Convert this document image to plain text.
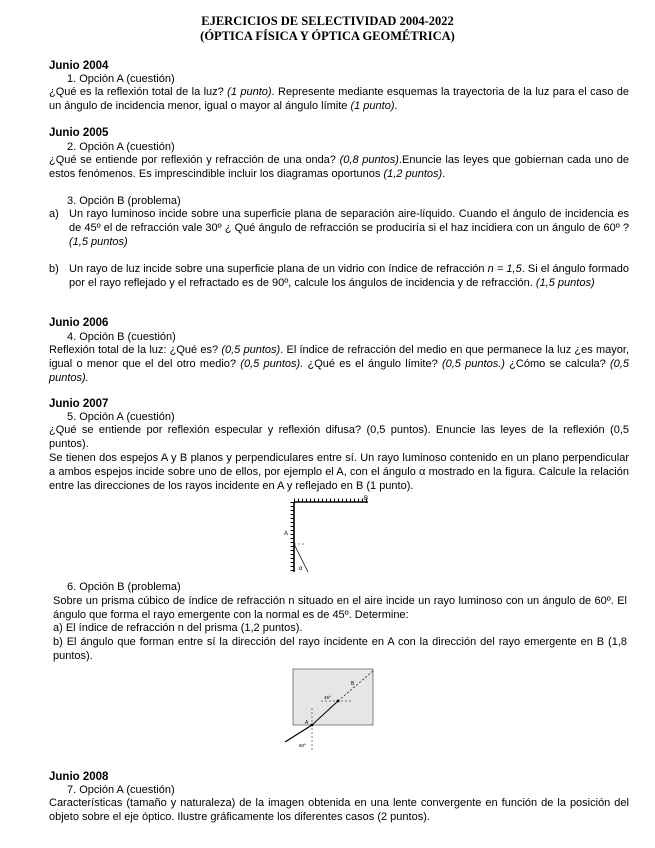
EJERCICIOS DE SELECTIVIDAD 2004-2022
(ÓPTICA FÍSICA Y ÓPTICA GEOMÉTRICA)
Junio 2004
1. Opción A (cuestión)
¿Qué es la reflexión total de la luz? (1 punto). Represente mediante esquemas la trayectoria de la luz para el caso de un ángulo de incidencia menor, igual o mayor al ángulo límite (1 punto).
Junio 2005
2. Opción A (cuestión)
¿Qué se entiende por reflexión y refracción de una onda? (0,8 puntos).Enuncie las leyes que gobiernan cada uno de estos fenómenos. Es imprescindible incluir los diagramas oportunos (1,2 puntos).
3. Opción B (problema)
a) Un rayo luminoso incide sobre una superficie plana de separación aire-líquido. Cuando el ángulo de incidencia es de 45º el de refracción vale 30º ¿ Qué ángulo de refracción se produciría si el haz incidiera con un ángulo de 60º ? (1,5 puntos)
b) Un rayo de luz incide sobre una superficie plana de un vidrio con índice de refracción n = 1,5. Si el ángulo formado por el rayo reflejado y el refractado es de 90º, calcule los ángulos de incidencia y de refracción. (1,5 puntos)
Junio 2006
4. Opción B (cuestión)
Reflexión total de la luz: ¿Qué es? (0,5 puntos). El índice de refracción del medio en que permanece la luz ¿es mayor, igual o menor que el del otro medio? (0,5 puntos). ¿Qué es el ángulo límite? (0,5 puntos.) ¿Cómo se calcula? (0,5 puntos).
Junio 2007
5. Opción A (cuestión)
¿Qué se entiende por reflexión especular y reflexión difusa? (0,5 puntos). Enuncie las leyes de la reflexión (0,5 puntos).
Se tienen dos espejos A y B planos y perpendiculares entre sí. Un rayo luminoso contenido en un plano perpendicular a ambos espejos incide sobre uno de ellos, por ejemplo el A, con el ángulo α mostrado en la figura. Calcule la relación entre las direcciones de los rayos incidente en A y reflejado en B (1 punto).
A
B
α
6. Opción B (problema)
Sobre un prisma cúbico de índice de refracción n situado en el aire incide un rayo luminoso con un ángulo de 60º. El ángulo que forma el rayo emergente con la normal es de 45º. Determine:
a) El índice de refracción n del prisma (1,2 puntos).
b) El ángulo que forman entre sí la dirección del rayo incidente en A con la dirección del rayo emergente en B (1,8 puntos).
A
B
45º
60º
Junio 2008
7. Opción A (cuestión)
Características (tamaño y naturaleza) de la imagen obtenida en una lente convergente en función de la posición del objeto sobre el eje óptico. Ilustre gráficamente los diferentes casos (2 puntos).
